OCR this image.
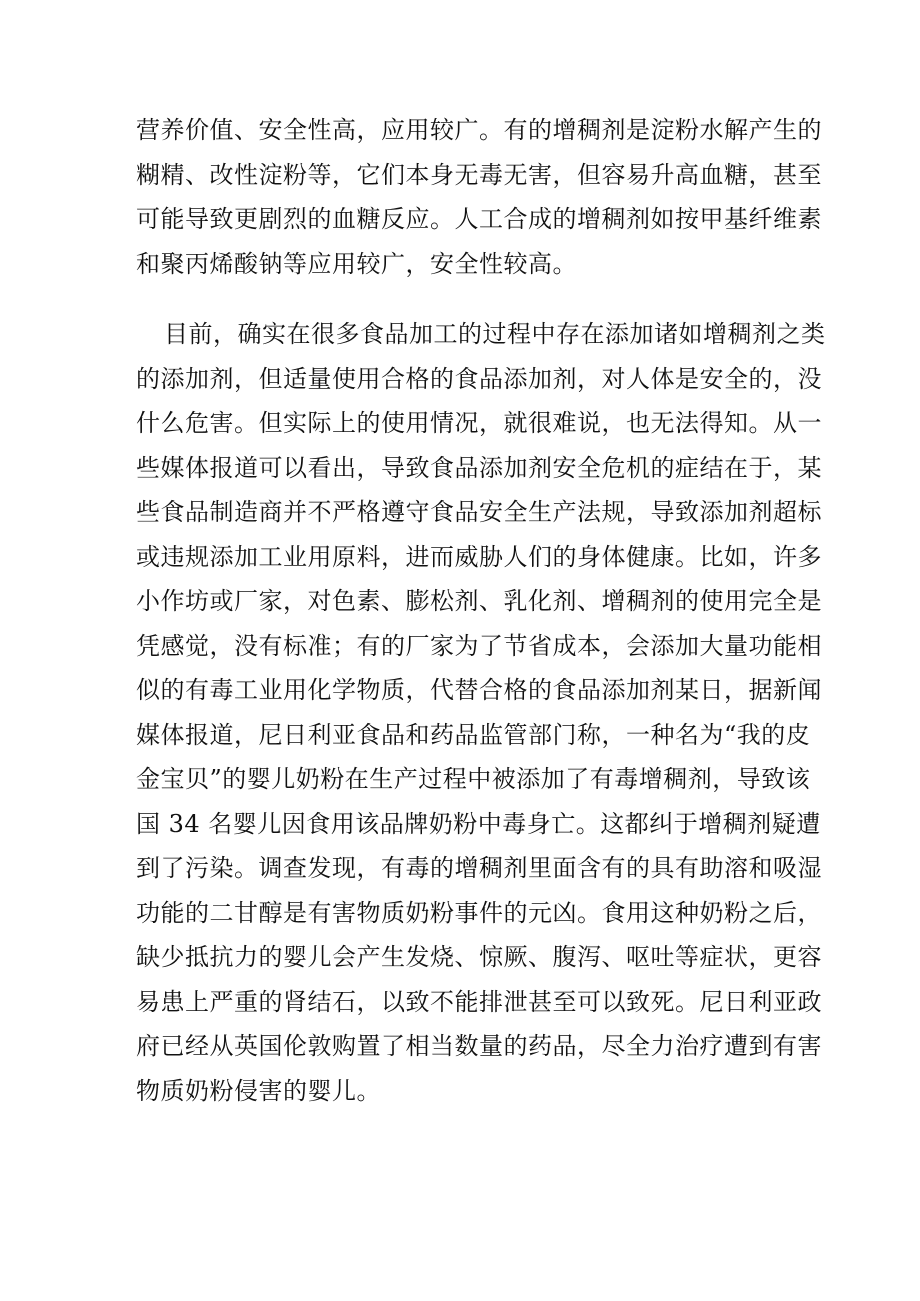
营养价值、安全性高，应用较广。有的增稠剂是淀粉水解产生的
糊精、改性淀粉等，它们本身无毒无害，但容易升高血糖，甚至
可能导致更剧烈的血糖反应。人工合成的增稠剂如按甲基纤维素
和聚丙烯酸钠等应用较广，安全性较高。

目前，确实在很多食品加工的过程中存在添加诸如增稠剂之类
的添加剂，但适量使用合格的食品添加剂，对人体是安全的，没
什么危害。但实际上的使用情况，就很难说，也无法得知。从一
些媒体报道可以看出，导致食品添加剂安全危机的症结在于，某
些食品制造商并不严格遵守食品安全生产法规，导致添加剂超标
或违规添加工业用原料，进而威胁人们的身体健康。比如，许多
小作坊或厂家，对色素、膨松剂、乳化剂、增稠剂的使用完全是
凭感觉，没有标准；有的厂家为了节省成本，会添加大量功能相
似的有毒工业用化学物质，代替合格的食品添加剂某日，据新闻
媒体报道，尼日利亚食品和药品监管部门称，一种名为“我的皮
金宝贝”的婴儿奶粉在生产过程中被添加了有毒增稠剂，导致该
国 34 名婴儿因食用该品牌奶粉中毒身亡。这都纠于增稠剂疑遭
到了污染。调查发现，有毒的增稠剂里面含有的具有助溶和吸湿
功能的二甘醇是有害物质奶粉事件的元凶。食用这种奶粉之后，
缺少抵抗力的婴儿会产生发烧、惊厥、腹泻、呕吐等症状，更容
易患上严重的肾结石，以致不能排泄甚至可以致死。尼日利亚政
府已经从英国伦敦购置了相当数量的药品，尽全力治疗遭到有害
物质奶粉侵害的婴儿。
